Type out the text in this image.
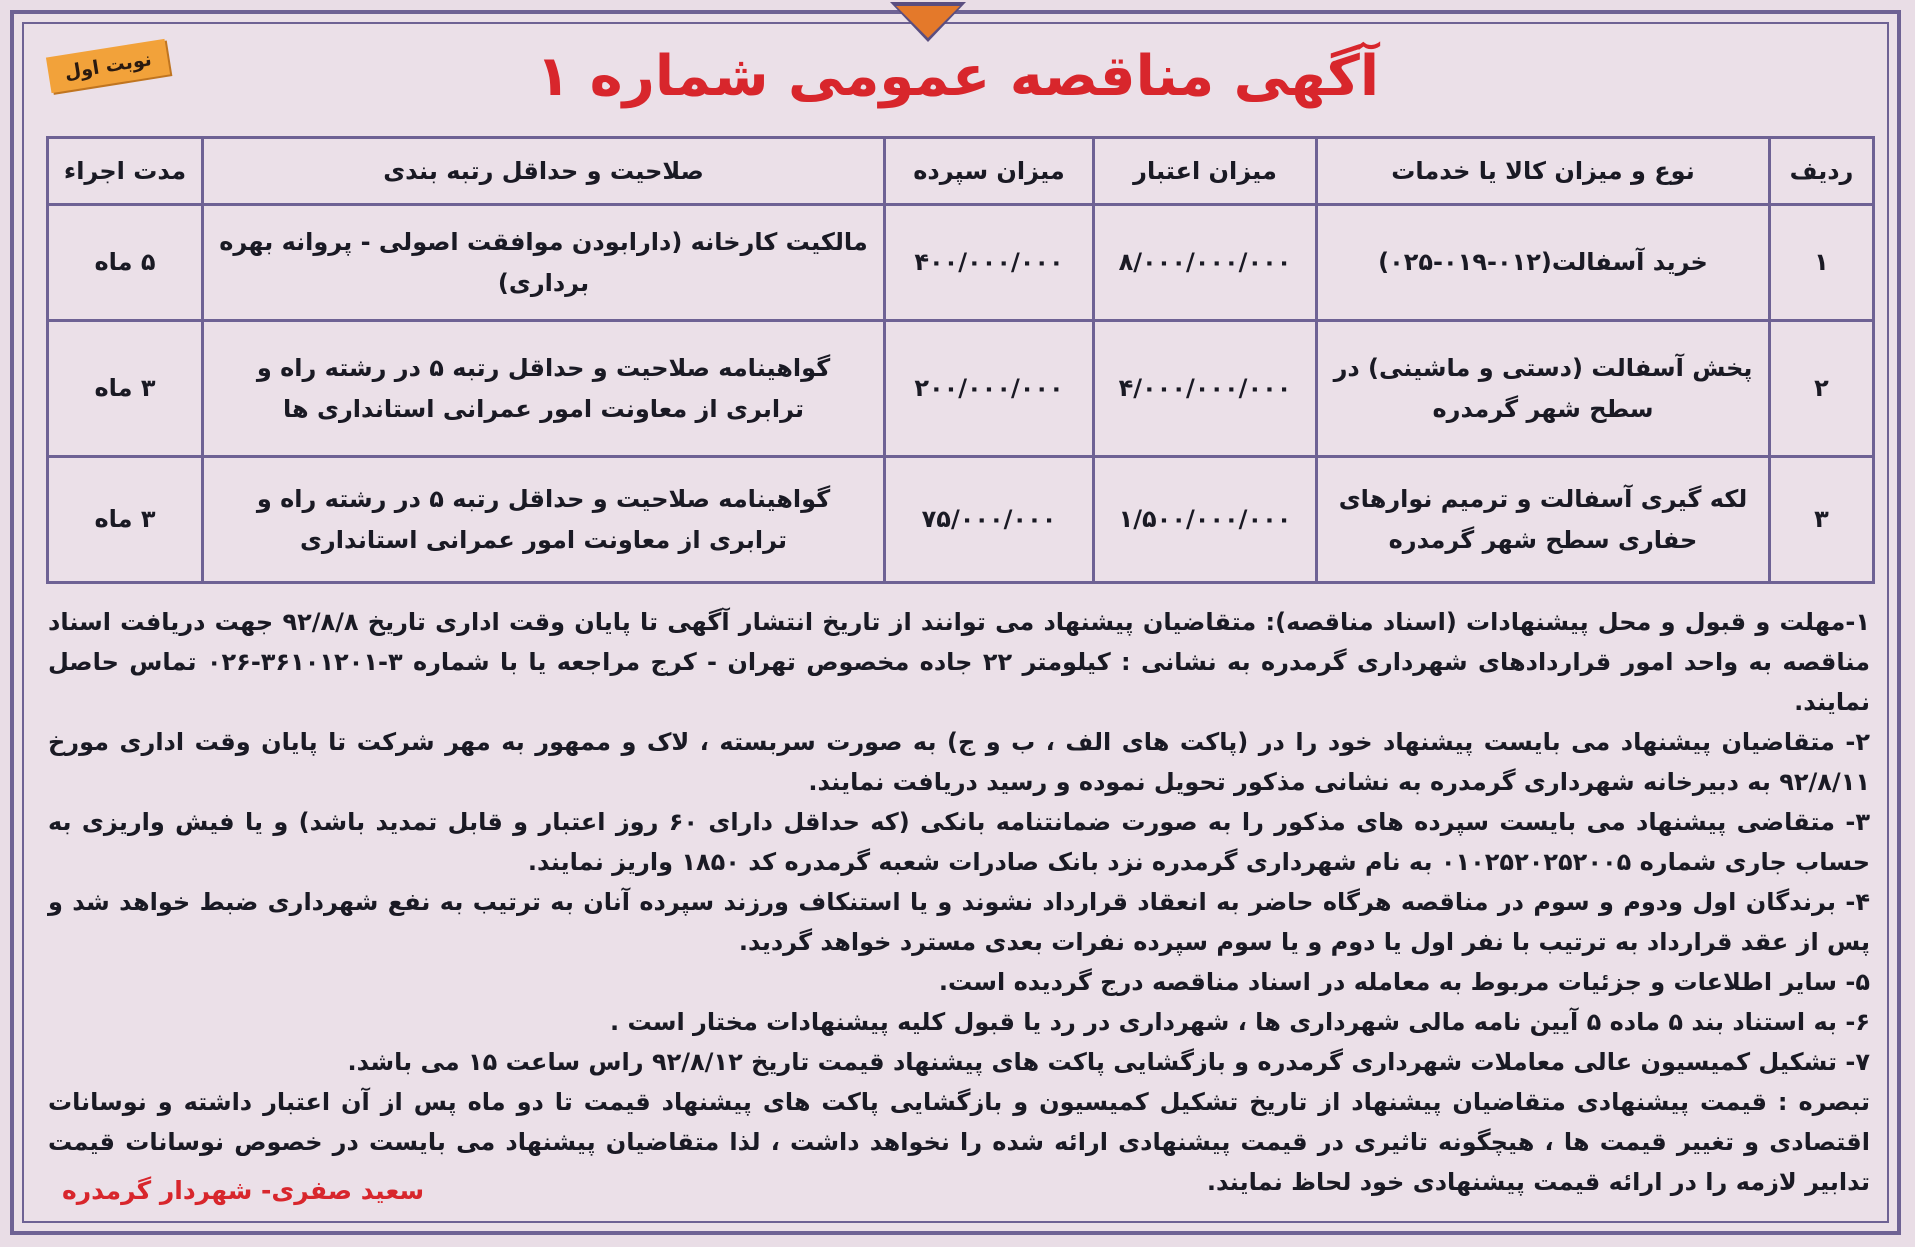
نوبت اول	آگهی مناقصه عمومی شماره ۱
ردیف	نوع و میزان کالا یا خدمات	میزان اعتبار	میزان سپرده	صلاحیت و حداقل رتبه بندی	مدت اجراء
۱	خرید آسفالت(۰۱۲-۰۱۹-۰۲۵)	۸/۰۰۰/۰۰۰/۰۰۰	۴۰۰/۰۰۰/۰۰۰	مالکیت کارخانه (دارابودن موافقت اصولی - پروانه بهره برداری)	۵ ماه
۲	پخش آسفالت (دستی و ماشینی) در سطح شهر گرمدره	۴/۰۰۰/۰۰۰/۰۰۰	۲۰۰/۰۰۰/۰۰۰	گواهینامه صلاحیت و حداقل رتبه ۵ در رشته راه و ترابری از معاونت امور عمرانی استانداری ها	۳ ماه
۳	لکه گیری آسفالت و ترمیم نوارهای حفاری سطح شهر گرمدره	۱/۵۰۰/۰۰۰/۰۰۰	۷۵/۰۰۰/۰۰۰	گواهینامه صلاحیت و حداقل رتبه ۵ در رشته راه و ترابری از معاونت امور عمرانی استانداری	۳ ماه

۱-مهلت و قبول و محل پیشنهادات (اسناد مناقصه): متقاضیان پیشنهاد می توانند از تاریخ انتشار آگهی تا پایان وقت اداری تاریخ ۹۲/۸/۸ جهت دریافت اسناد مناقصه به واحد امور قراردادهای شهرداری گرمدره به نشانی : کیلومتر ۲۲ جاده مخصوص تهران - کرج مراجعه یا با شماره ۳-۳۶۱۰۱۲۰۱-۰۲۶ تماس حاصل نمایند.

۲- متقاضیان پیشنهاد می بایست پیشنهاد خود را در (پاکت های الف ، ب و ج) به صورت سربسته ، لاک و ممهور به مهر شرکت تا پایان وقت اداری مورخ ۹۲/۸/۱۱ به دبیرخانه شهرداری گرمدره به نشانی مذکور تحویل نموده و رسید دریافت نمایند.

۳- متقاضی پیشنهاد می بایست سپرده های مذکور را به صورت ضمانتنامه بانکی (که حداقل دارای ۶۰ روز اعتبار و قابل تمدید باشد) و یا فیش واریزی به حساب جاری شماره ۰۱۰۲۵۲۰۲۵۲۰۰۵ به نام شهرداری گرمدره نزد بانک صادرات شعبه گرمدره کد ۱۸۵۰ واریز نمایند.

۴- برندگان اول ودوم و سوم در مناقصه هرگاه حاضر به انعقاد قرارداد نشوند و یا استنکاف ورزند سپرده آنان به ترتیب به نفع شهرداری ضبط خواهد شد و پس از عقد قرارداد به ترتیب با نفر اول یا دوم و یا سوم سپرده نفرات بعدی مسترد خواهد گردید.

۵- سایر اطلاعات و جزئیات مربوط به معامله در اسناد مناقصه درج گردیده است.

۶- به استناد بند ۵ ماده ۵ آیین نامه مالی شهرداری ها ، شهرداری در رد یا قبول کلیه پیشنهادات مختار است .

۷- تشکیل کمیسیون عالی معاملات شهرداری گرمدره و بازگشایی پاکت های پیشنهاد قیمت تاریخ ۹۲/۸/۱۲ راس ساعت ۱۵ می باشد.

تبصره : قیمت پیشنهادی متقاضیان پیشنهاد از تاریخ تشکیل کمیسیون و بازگشایی پاکت های پیشنهاد قیمت تا دو ماه پس از آن اعتبار داشته و نوسانات اقتصادی و تغییر قیمت ها ، هیچگونه تاثیری در قیمت پیشنهادی ارائه شده را نخواهد داشت ، لذا متقاضیان پیشنهاد می بایست در خصوص نوسانات قیمت تدابیر لازمه را در ارائه قیمت پیشنهادی خود لحاظ نمایند.

سعید صفری- شهردار گرمدره
